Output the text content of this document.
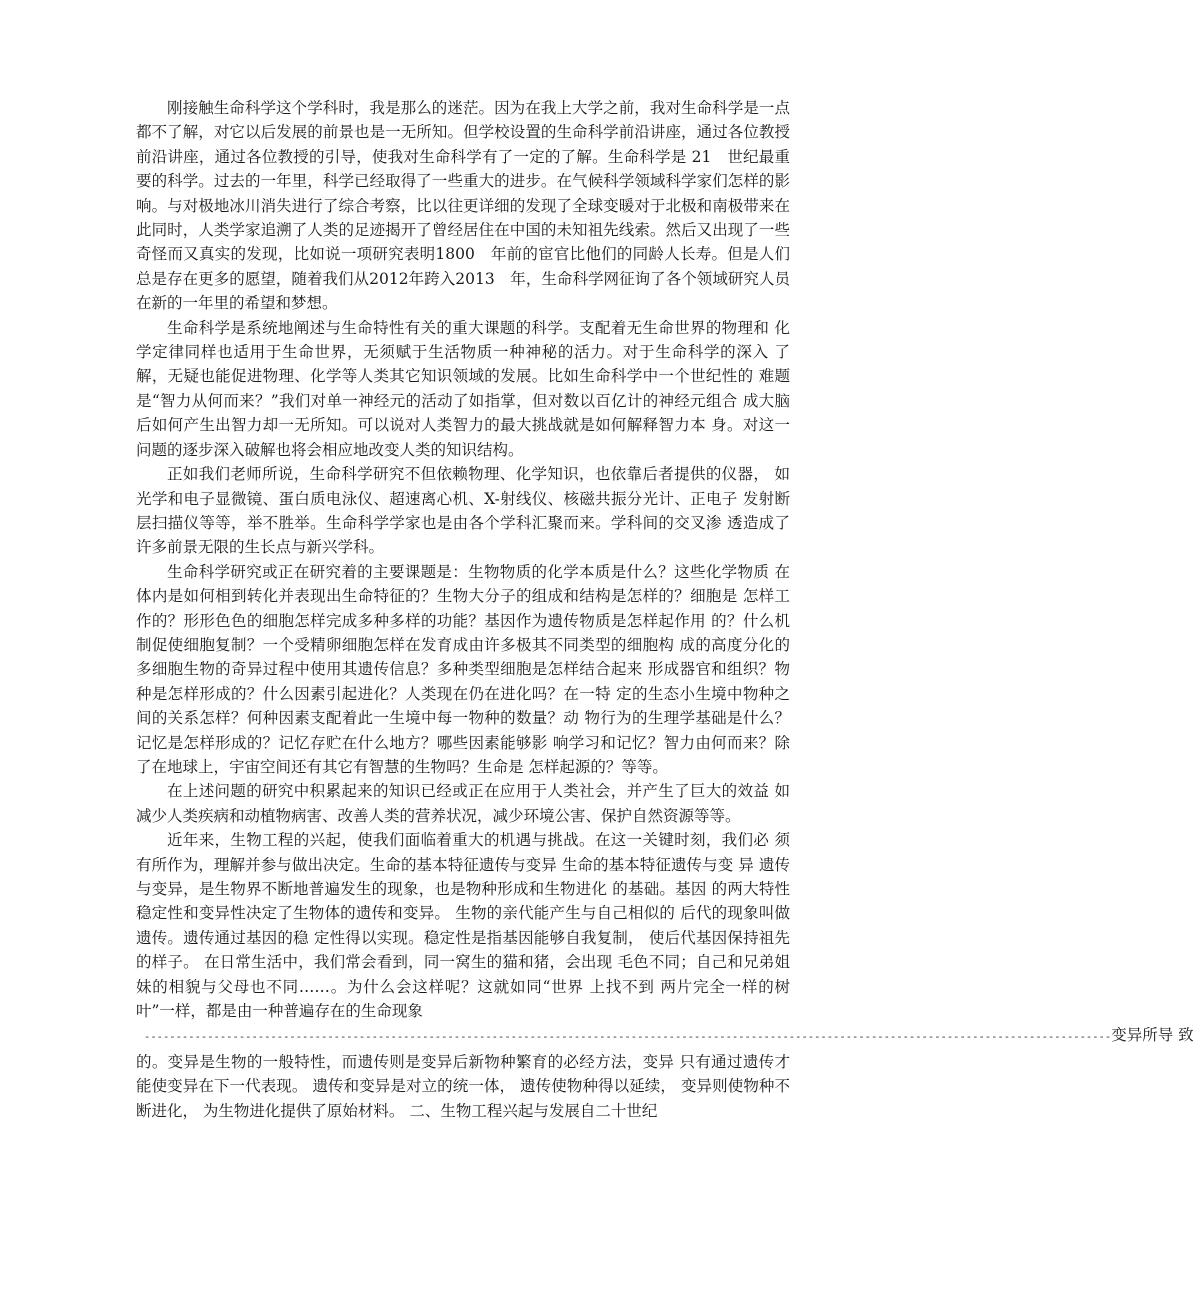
刚接触生命科学这个学科时，我是那么的迷茫。因为在我上大学之前，我对生命科学是一点都不了解，对它以后发展的前景也是一无所知。但学校设置的生命科学前沿讲座，通过各位教授前沿讲座，通过各位教授的引导，使我对生命科学有了一定的了解。生命科学是 21　世纪最重要的科学。过去的一年里，科学已经取得了一些重大的进步。在气候科学领域科学家们怎样的影响。与对极地冰川消失进行了综合考察，比以往更详细的发现了全球变暖对于北极和南极带来在此同时，人类学家追溯了人类的足迹揭开了曾经居住在中国的未知祖先线索。然后又出现了一些奇怪而又真实的发现，比如说一项研究表明1800　年前的宦官比他们的同龄人长寿。但是人们总是存在更多的愿望，随着我们从2012年跨入2013　年，生命科学网征询了各个领域研究人员在新的一年里的希望和梦想。

生命科学是系统地阐述与生命特性有关的重大课题的科学。支配着无生命世界的物理和 化学定律同样也适用于生命世界，无须赋于生活物质一种神秘的活力。对于生命科学的深入 了解，无疑也能促进物理、化学等人类其它知识领域的发展。比如生命科学中一个世纪性的 难题是“智力从何而来？”我们对单一神经元的活动了如指掌，但对数以百亿计的神经元组合 成大脑后如何产生出智力却一无所知。可以说对人类智力的最大挑战就是如何解释智力本 身。对这一问题的逐步深入破解也将会相应地改变人类的知识结构。

正如我们老师所说，生命科学研究不但依赖物理、化学知识，也依靠后者提供的仪器， 如光学和电子显微镜、蛋白质电泳仪、超速离心机、X-射线仪、核磁共振分光计、正电子 发射断层扫描仪等等，举不胜举。生命科学学家也是由各个学科汇聚而来。学科间的交叉渗 透造成了许多前景无限的生长点与新兴学科。

生命科学研究或正在研究着的主要课题是：生物物质的化学本质是什么？这些化学物质 在体内是如何相到转化并表现出生命特征的？生物大分子的组成和结构是怎样的？细胞是 怎样工作的？形形色色的细胞怎样完成多种多样的功能？基因作为遗传物质是怎样起作用 的？什么机制促使细胞复制？一个受精卵细胞怎样在发育成由许多极其不同类型的细胞构 成的高度分化的多细胞生物的奇异过程中使用其遗传信息？多种类型细胞是怎样结合起来 形成器官和组织？物种是怎样形成的？什么因素引起进化？人类现在仍在进化吗？在一特 定的生态小生境中物种之间的关系怎样？何种因素支配着此一生境中每一物种的数量？动 物行为的生理学基础是什么？记忆是怎样形成的？记忆存贮在什么地方？哪些因素能够影 响学习和记忆？智力由何而来？除了在地球上，宇宙空间还有其它有智慧的生物吗？生命是 怎样起源的？等等。

在上述问题的研究中积累起来的知识已经或正在应用于人类社会，并产生了巨大的效益 如减少人类疾病和动植物病害、改善人类的营养状况，减少环境公害、保护自然资源等等。

近年来，生物工程的兴起，使我们面临着重大的机遇与挑战。在这一关键时刻，我们必 须有所作为，理解并参与做出决定。生命的基本特征遗传与变异 生命的基本特征遗传与变 异 遗传与变异，是生物界不断地普遍发生的现象，也是物种形成和生物进化 的基础。基因 的两大特性稳定性和变异性决定了生物体的遗传和变异。 生物的亲代能产生与自己相似的 后代的现象叫做遗传。遗传通过基因的稳 定性得以实现。稳定性是指基因能够自我复制， 使后代基因保持祖先的样子。 在日常生活中，我们常会看到，同一窝生的猫和猪，会出现 毛色不同；自己和兄弟姐妹的相貌与父母也不同……。为什么会这样呢？这就如同“世界 上找不到 两片完全一样的树叶”一样，都是由一种普遍存在的生命现象

--------------------------------------------------------------------------------------------------------------------------------------------------------- 变异所导 致

的。变异是生物的一般特性，而遗传则是变异后新物种繁育的必经方法，变异 只有通过遗传才能使变异在下一代表现。 遗传和变异是对立的统一体， 遗传使物种得以延续， 变异则使物种不断进化， 为生物进化提供了原始材料。 二、生物工程兴起与发展自二十世纪
